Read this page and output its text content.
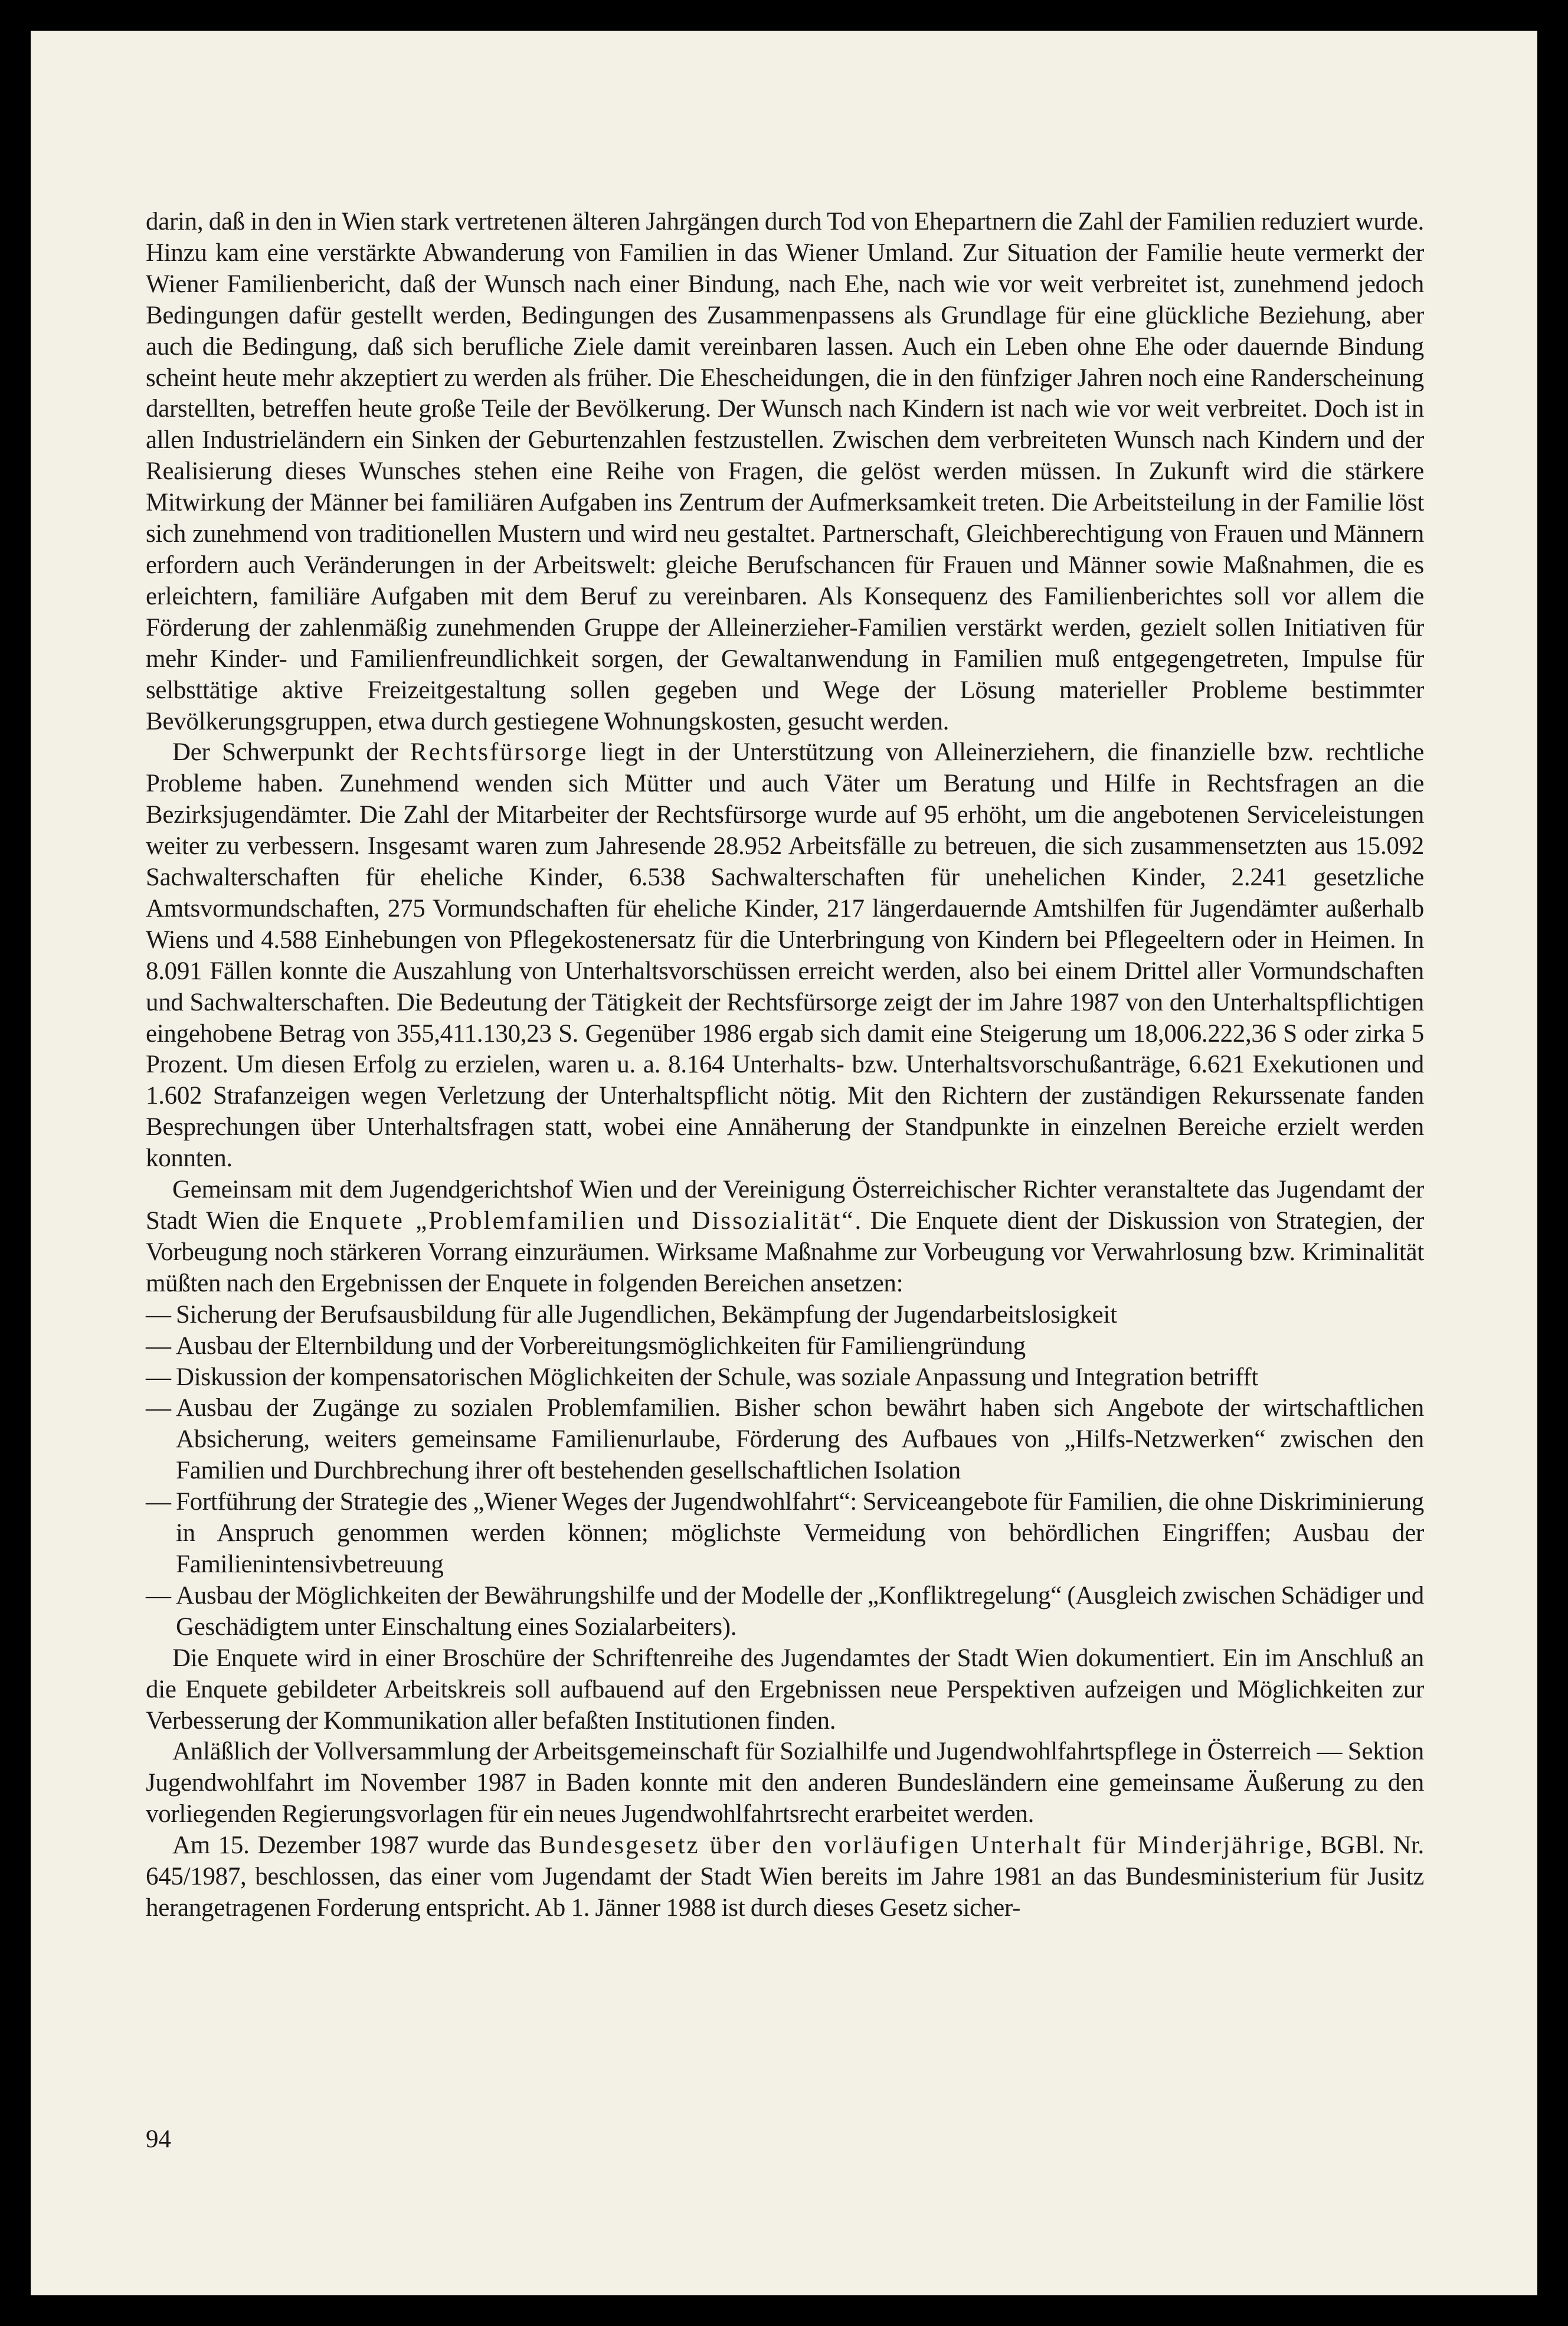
darin, daß in den in Wien stark vertretenen älteren Jahrgängen durch Tod von Ehepartnern die Zahl der Familien reduziert wurde. Hinzu kam eine verstärkte Abwanderung von Familien in das Wiener Umland. Zur Situation der Familie heute vermerkt der Wiener Familienbericht, daß der Wunsch nach einer Bindung, nach Ehe, nach wie vor weit verbreitet ist, zunehmend jedoch Bedingungen dafür gestellt werden, Bedingungen des Zusammenpassens als Grundlage für eine glückliche Beziehung, aber auch die Bedingung, daß sich berufliche Ziele damit vereinbaren lassen. Auch ein Leben ohne Ehe oder dauernde Bindung scheint heute mehr akzeptiert zu werden als früher. Die Ehescheidungen, die in den fünfziger Jahren noch eine Randerscheinung darstellten, betreffen heute große Teile der Bevölkerung. Der Wunsch nach Kindern ist nach wie vor weit verbreitet. Doch ist in allen Industrieländern ein Sinken der Geburtenzahlen festzustellen. Zwischen dem verbreiteten Wunsch nach Kindern und der Realisierung dieses Wunsches stehen eine Reihe von Fragen, die gelöst werden müssen. In Zukunft wird die stärkere Mitwirkung der Männer bei familiären Aufgaben ins Zentrum der Aufmerksamkeit treten. Die Arbeitsteilung in der Familie löst sich zunehmend von traditionellen Mustern und wird neu gestaltet. Partnerschaft, Gleichberechtigung von Frauen und Männern erfordern auch Veränderungen in der Arbeitswelt: gleiche Berufschancen für Frauen und Männer sowie Maßnahmen, die es erleichtern, familiäre Aufgaben mit dem Beruf zu vereinbaren. Als Konsequenz des Familienberichtes soll vor allem die Förderung der zahlenmäßig zunehmenden Gruppe der Alleinerzieher-Familien verstärkt werden, gezielt sollen Initiativen für mehr Kinder- und Familienfreundlichkeit sorgen, der Gewaltanwendung in Familien muß entgegengetreten, Impulse für selbsttätige aktive Freizeitgestaltung sollen gegeben und Wege der Lösung materieller Probleme bestimmter Bevölkerungsgruppen, etwa durch gestiegene Wohnungskosten, gesucht werden.

Der Schwerpunkt der Rechtsfürsorge liegt in der Unterstützung von Alleinerziehern, die finanzielle bzw. rechtliche Probleme haben. Zunehmend wenden sich Mütter und auch Väter um Beratung und Hilfe in Rechtsfragen an die Bezirksjugendämter. Die Zahl der Mitarbeiter der Rechtsfürsorge wurde auf 95 erhöht, um die angebotenen Serviceleistungen weiter zu verbessern. Insgesamt waren zum Jahresende 28.952 Arbeitsfälle zu betreuen, die sich zusammensetzten aus 15.092 Sachwalterschaften für eheliche Kinder, 6.538 Sachwalterschaften für unehelichen Kinder, 2.241 gesetzliche Amtsvormundschaften, 275 Vormundschaften für eheliche Kinder, 217 längerdauernde Amtshilfen für Jugendämter außerhalb Wiens und 4.588 Einhebungen von Pflegekostenersatz für die Unterbringung von Kindern bei Pflegeeltern oder in Heimen. In 8.091 Fällen konnte die Auszahlung von Unterhaltsvorschüssen erreicht werden, also bei einem Drittel aller Vormundschaften und Sachwalterschaften. Die Bedeutung der Tätigkeit der Rechtsfürsorge zeigt der im Jahre 1987 von den Unterhaltspflichtigen eingehobene Betrag von 355,411.130,23 S. Gegenüber 1986 ergab sich damit eine Steigerung um 18,006.222,36 S oder zirka 5 Prozent. Um diesen Erfolg zu erzielen, waren u. a. 8.164 Unterhalts- bzw. Unterhaltsvorschußanträge, 6.621 Exekutionen und 1.602 Strafanzeigen wegen Verletzung der Unterhaltspflicht nötig. Mit den Richtern der zuständigen Rekurssenate fanden Besprechungen über Unterhaltsfragen statt, wobei eine Annäherung der Standpunkte in einzelnen Bereiche erzielt werden konnten.

Gemeinsam mit dem Jugendgerichtshof Wien und der Vereinigung Österreichischer Richter veranstaltete das Jugendamt der Stadt Wien die Enquete „Problemfamilien und Dissozialität“. Die Enquete dient der Diskussion von Strategien, der Vorbeugung noch stärkeren Vorrang einzuräumen. Wirksame Maßnahme zur Vorbeugung vor Verwahrlosung bzw. Kriminalität müßten nach den Ergebnissen der Enquete in folgenden Bereichen ansetzen:

— Sicherung der Berufsausbildung für alle Jugendlichen, Bekämpfung der Jugendarbeitslosigkeit
— Ausbau der Elternbildung und der Vorbereitungsmöglichkeiten für Familiengründung
— Diskussion der kompensatorischen Möglichkeiten der Schule, was soziale Anpassung und Integration betrifft
— Ausbau der Zugänge zu sozialen Problemfamilien. Bisher schon bewährt haben sich Angebote der wirtschaftlichen Absicherung, weiters gemeinsame Familienurlaube, Förderung des Aufbaues von „Hilfs-Netzwerken“ zwischen den Familien und Durchbrechung ihrer oft bestehenden gesellschaftlichen Isolation
— Fortführung der Strategie des „Wiener Weges der Jugendwohlfahrt“: Serviceangebote für Familien, die ohne Diskriminierung in Anspruch genommen werden können; möglichste Vermeidung von behördlichen Eingriffen; Ausbau der Familienintensivbetreuung
— Ausbau der Möglichkeiten der Bewährungshilfe und der Modelle der „Konfliktregelung“ (Ausgleich zwischen Schädiger und Geschädigtem unter Einschaltung eines Sozialarbeiters).

Die Enquete wird in einer Broschüre der Schriftenreihe des Jugendamtes der Stadt Wien dokumentiert. Ein im Anschluß an die Enquete gebildeter Arbeitskreis soll aufbauend auf den Ergebnissen neue Perspektiven aufzeigen und Möglichkeiten zur Verbesserung der Kommunikation aller befaßten Institutionen finden.

Anläßlich der Vollversammlung der Arbeitsgemeinschaft für Sozialhilfe und Jugendwohlfahrtspflege in Österreich — Sektion Jugendwohlfahrt im November 1987 in Baden konnte mit den anderen Bundesländern eine gemeinsame Äußerung zu den vorliegenden Regierungsvorlagen für ein neues Jugendwohlfahrtsrecht erarbeitet werden.

Am 15. Dezember 1987 wurde das Bundesgesetz über den vorläufigen Unterhalt für Minderjährige, BGBl. Nr. 645/1987, beschlossen, das einer vom Jugendamt der Stadt Wien bereits im Jahre 1981 an das Bundesministerium für Jusitz herangetragenen Forderung entspricht. Ab 1. Jänner 1988 ist durch dieses Gesetz sicher-

94
